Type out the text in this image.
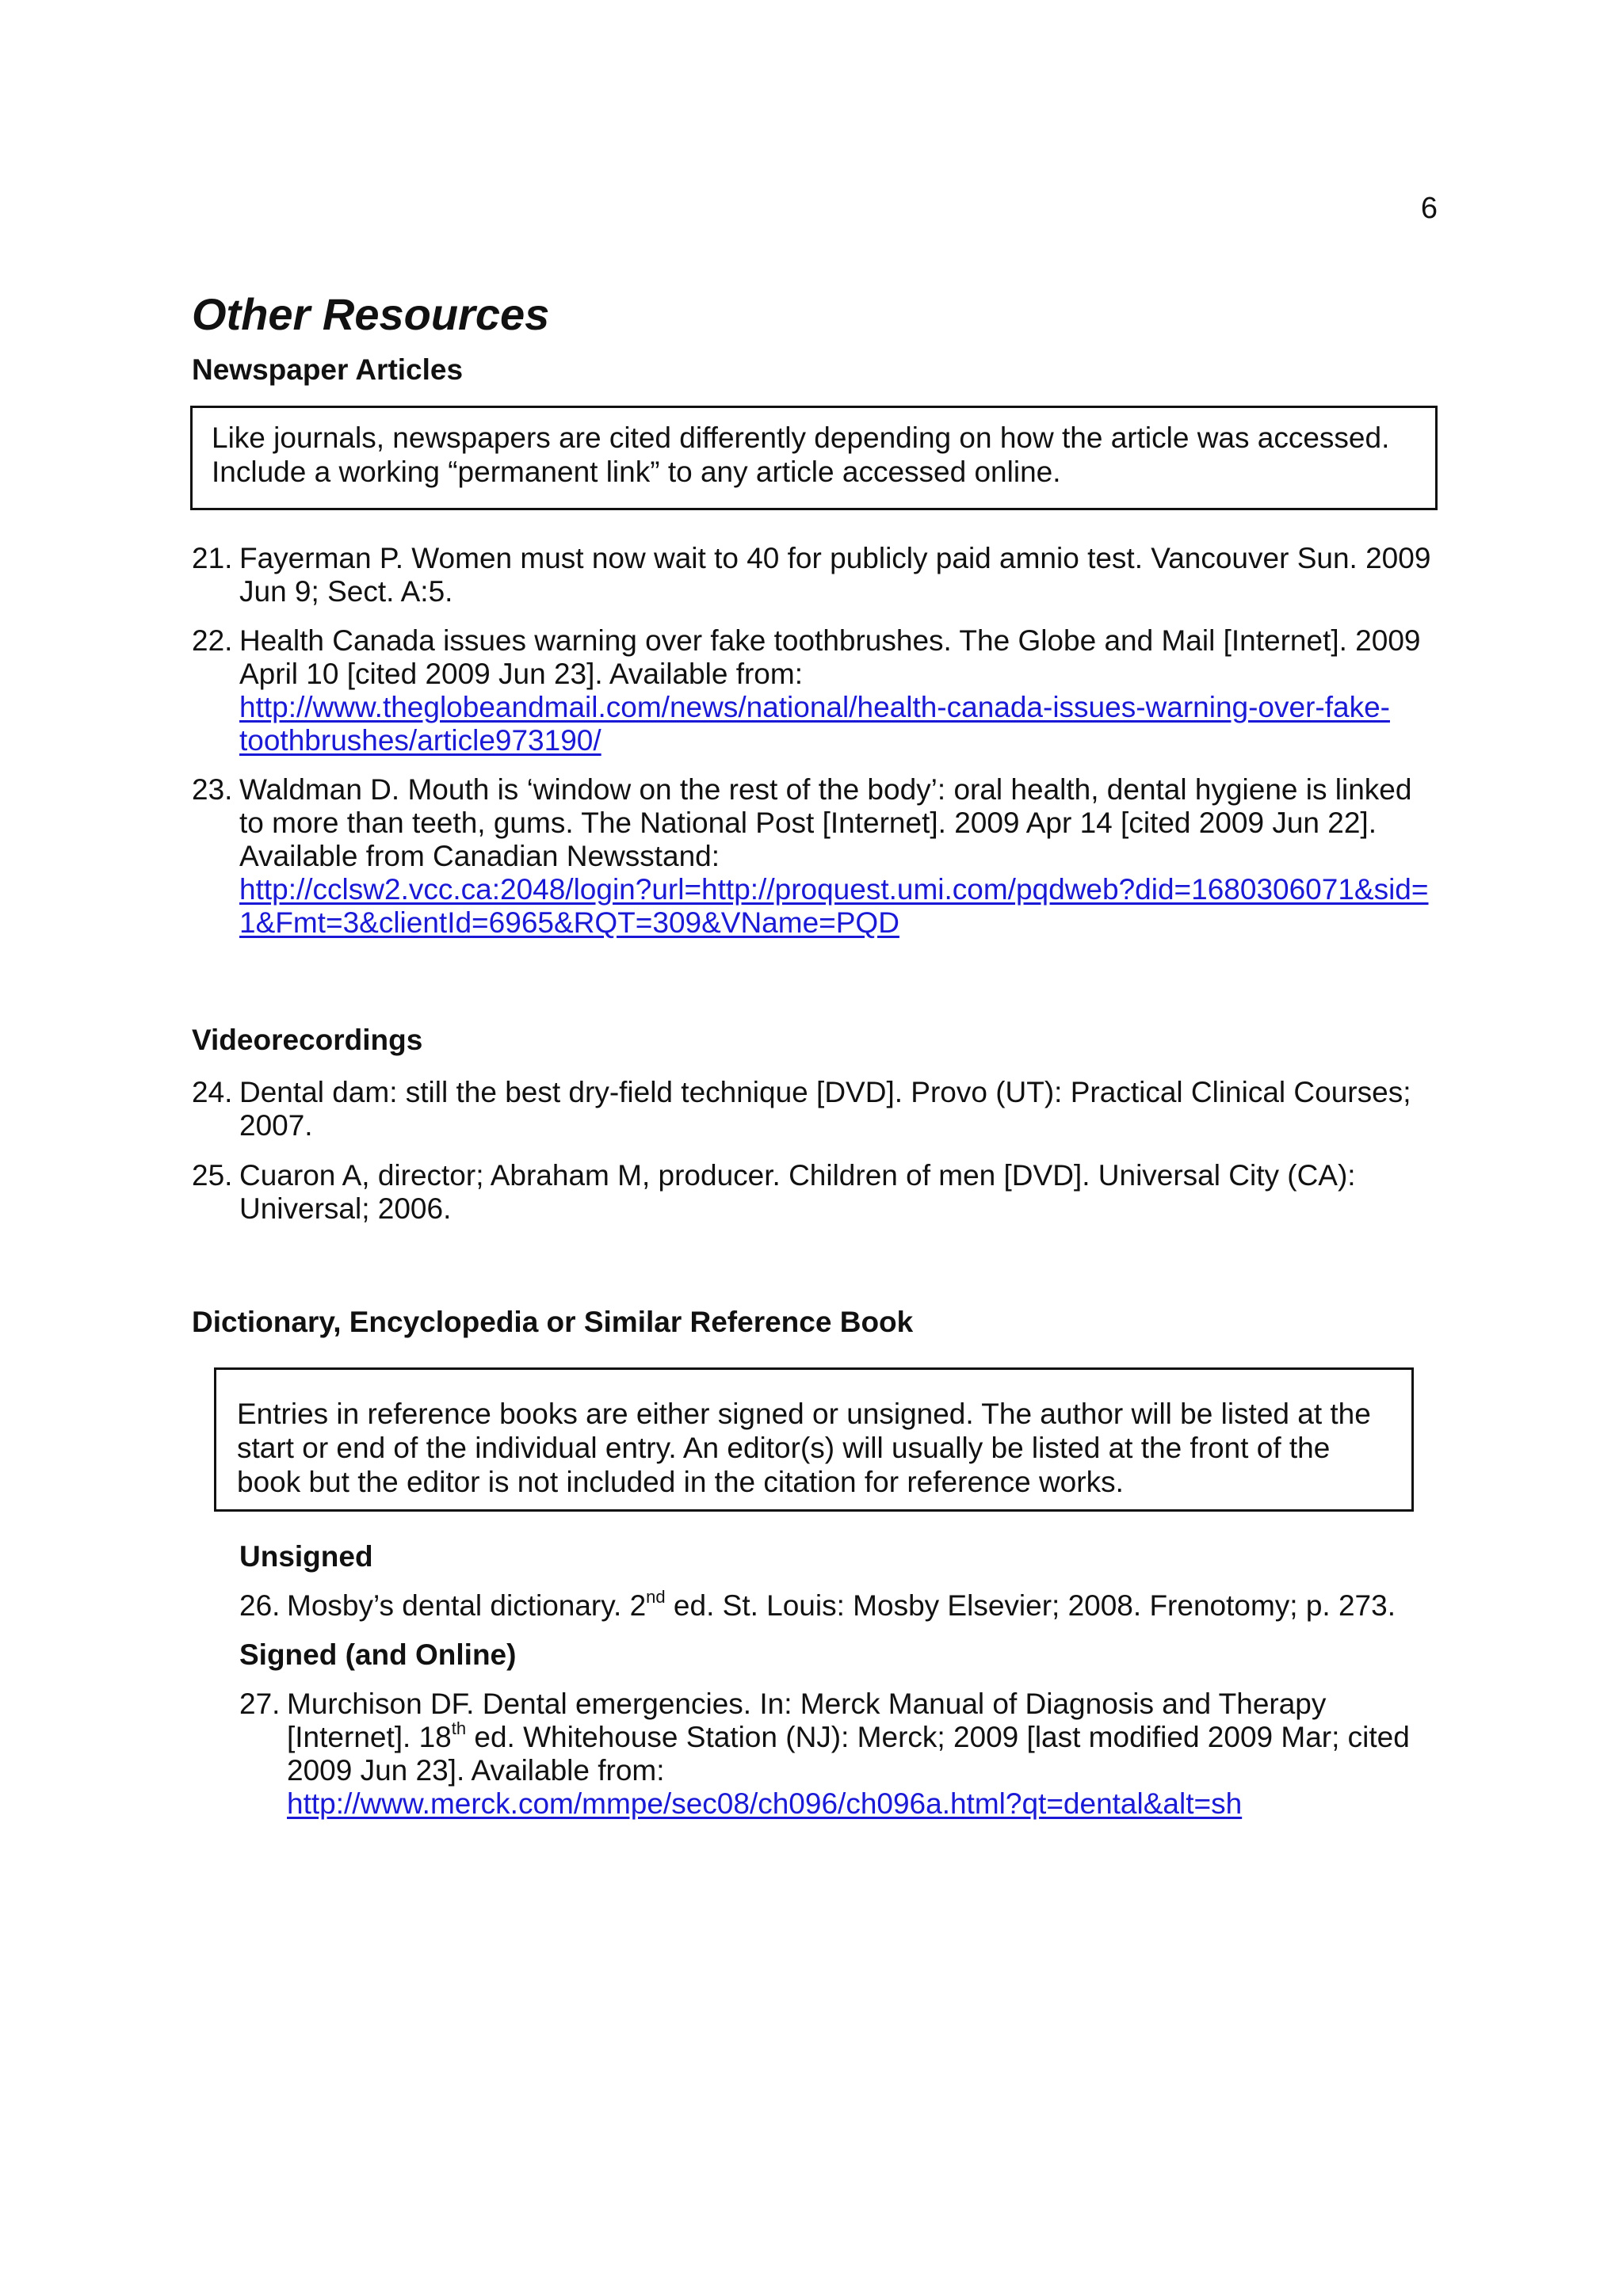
6
Other Resources
Newspaper Articles
Like journals, newspapers are cited differently depending on how the article was accessed.
Include a working “permanent link” to any article accessed online.
21. Fayerman P. Women must now wait to 40 for publicly paid amnio test. Vancouver Sun. 2009
Jun 9; Sect. A:5.
22. Health Canada issues warning over fake toothbrushes. The Globe and Mail [Internet]. 2009
April 10 [cited 2009 Jun 23]. Available from:
http://www.theglobeandmail.com/news/national/health-canada-issues-warning-over-fake-
toothbrushes/article973190/
23. Waldman D. Mouth is ‘window on the rest of the body’: oral health, dental hygiene is linked
to more than teeth, gums. The National Post [Internet]. 2009 Apr 14 [cited 2009 Jun 22].
Available from Canadian Newsstand:
http://cclsw2.vcc.ca:2048/login?url=http://proquest.umi.com/pqdweb?did=1680306071&sid=
1&Fmt=3&clientId=6965&RQT=309&VName=PQD
Videorecordings
24. Dental dam: still the best dry-field technique [DVD]. Provo (UT): Practical Clinical Courses;
2007.
25. Cuaron A, director; Abraham M, producer. Children of men [DVD]. Universal City (CA):
Universal; 2006.
Dictionary, Encyclopedia or Similar Reference Book
Entries in reference books are either signed or unsigned. The author will be listed at the
start or end of the individual entry. An editor(s) will usually be listed at the front of the
book but the editor is not included in the citation for reference works.
Unsigned
26. Mosby’s dental dictionary. 2nd ed. St. Louis: Mosby Elsevier; 2008. Frenotomy; p. 273.
Signed (and Online)
27. Murchison DF. Dental emergencies. In: Merck Manual of Diagnosis and Therapy
[Internet]. 18th ed. Whitehouse Station (NJ): Merck; 2009 [last modified 2009 Mar; cited
2009 Jun 23]. Available from:
http://www.merck.com/mmpe/sec08/ch096/ch096a.html?qt=dental&alt=sh
